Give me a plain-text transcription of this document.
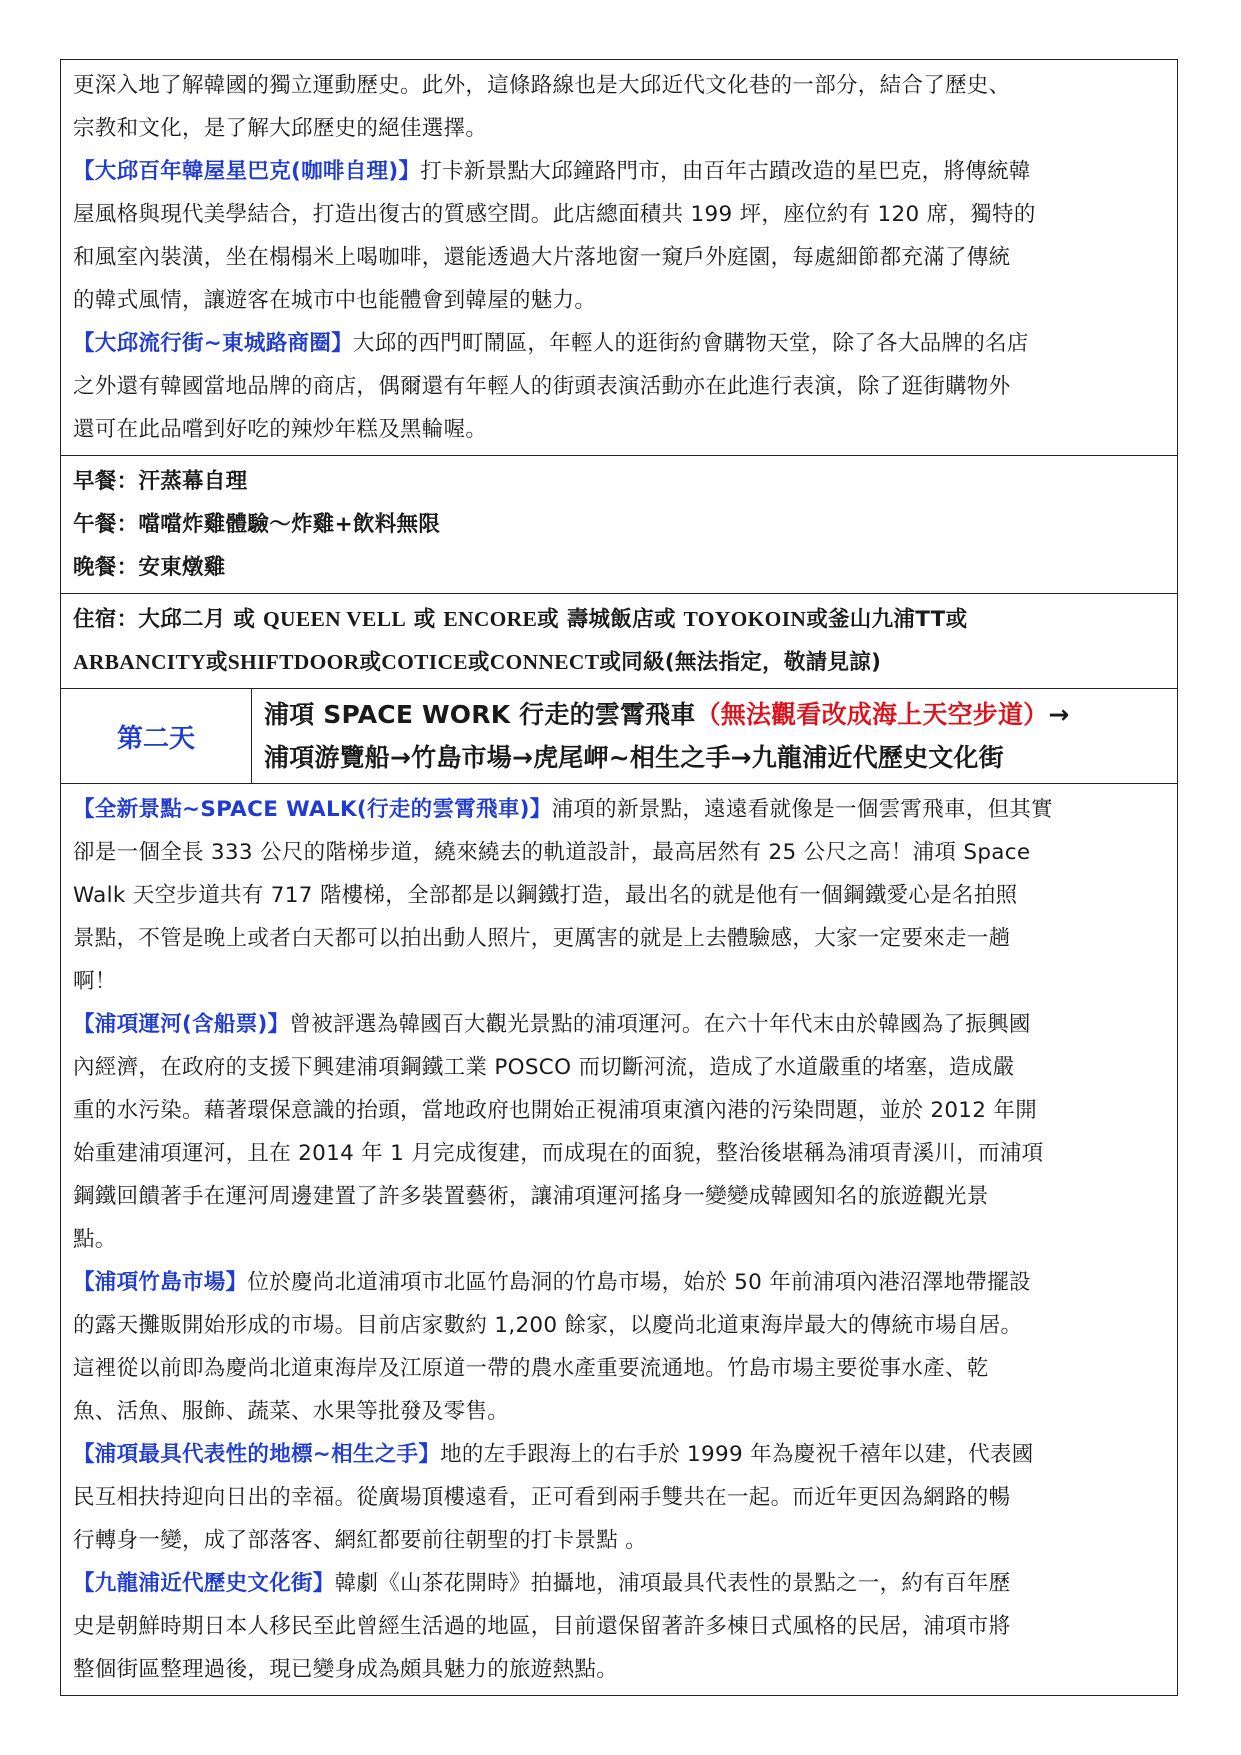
更深入地了解韓國的獨立運動歷史。此外，這條路線也是大邱近代文化巷的一部分，結合了歷史、

宗教和文化，是了解大邱歷史的絕佳選擇。

【大邱百年韓屋星巴克(咖啡自理)】打卡新景點大邱鐘路門市，由百年古蹟改造的星巴克，將傳統韓

屋風格與現代美學結合，打造出復古的質感空間。此店總面積共 199 坪，座位約有 120 席，獨特的

和風室內裝潢，坐在榻榻米上喝咖啡，還能透過大片落地窗一窺戶外庭園，每處細節都充滿了傳統

的韓式風情，讓遊客在城市中也能體會到韓屋的魅力。

【大邱流行街~東城路商圈】大邱的西門町鬧區，年輕人的逛街約會購物天堂，除了各大品牌的名店

之外還有韓國當地品牌的商店，偶爾還有年輕人的街頭表演活動亦在此進行表演，除了逛街購物外

還可在此品嚐到好吃的辣炒年糕及黑輪喔。

早餐：汗蒸幕自理

午餐：噹噹炸雞體驗～炸雞+飲料無限

晚餐：安東燉雞

住宿：大邱二月 或 QUEEN VELL 或 ENCORE或 壽城飯店或 TOYOKOIN或釜山九浦TT或

ARBANCITY或SHIFTDOOR或COTICE或CONNECT或同級(無法指定，敬請見諒)

第二天

浦項 SPACE WORK 行走的雲霄飛車（無法觀看改成海上天空步道）→

浦項游覽船→竹島市場→虎尾岬~相生之手→九龍浦近代歷史文化街

【全新景點~SPACE WALK(行走的雲霄飛車)】浦項的新景點，遠遠看就像是一個雲霄飛車，但其實

卻是一個全長 333 公尺的階梯步道，繞來繞去的軌道設計，最高居然有 25 公尺之高！浦項 Space

Walk 天空步道共有 717 階樓梯，全部都是以鋼鐵打造，最出名的就是他有一個鋼鐵愛心是名拍照

景點，不管是晚上或者白天都可以拍出動人照片，更厲害的就是上去體驗感，大家一定要來走一趟

啊！

【浦項運河(含船票)】曾被評選為韓國百大觀光景點的浦項運河。在六十年代末由於韓國為了振興國

內經濟，在政府的支援下興建浦項鋼鐵工業 POSCO 而切斷河流，造成了水道嚴重的堵塞，造成嚴

重的水污染。藉著環保意識的抬頭，當地政府也開始正視浦項東濱內港的污染問題，並於 2012 年開

始重建浦項運河，且在 2014 年 1 月完成復建，而成現在的面貌，整治後堪稱為浦項青溪川，而浦項

鋼鐵回饋著手在運河周邊建置了許多裝置藝術，讓浦項運河搖身一變變成韓國知名的旅遊觀光景

點。

【浦項竹島市場】位於慶尚北道浦項市北區竹島洞的竹島市場，始於 50 年前浦項內港沼澤地帶擺設

的露天攤販開始形成的市場。目前店家數約 1,200 餘家，以慶尚北道東海岸最大的傳統市場自居。

這裡從以前即為慶尚北道東海岸及江原道一帶的農水產重要流通地。竹島市場主要從事水產、乾

魚、活魚、服飾、蔬菜、水果等批發及零售。

【浦項最具代表性的地標~相生之手】地的左手跟海上的右手於 1999 年為慶祝千禧年以建，代表國

民互相扶持迎向日出的幸福。從廣場頂樓遠看，正可看到兩手雙共在一起。而近年更因為網路的暢

行轉身一變，成了部落客、網紅都要前往朝聖的打卡景點 。

【九龍浦近代歷史文化街】韓劇《山茶花開時》拍攝地，浦項最具代表性的景點之一，約有百年歷

史是朝鮮時期日本人移民至此曾經生活過的地區，目前還保留著許多棟日式風格的民居，浦項市將

整個街區整理過後，現已變身成為頗具魅力的旅遊熱點。
